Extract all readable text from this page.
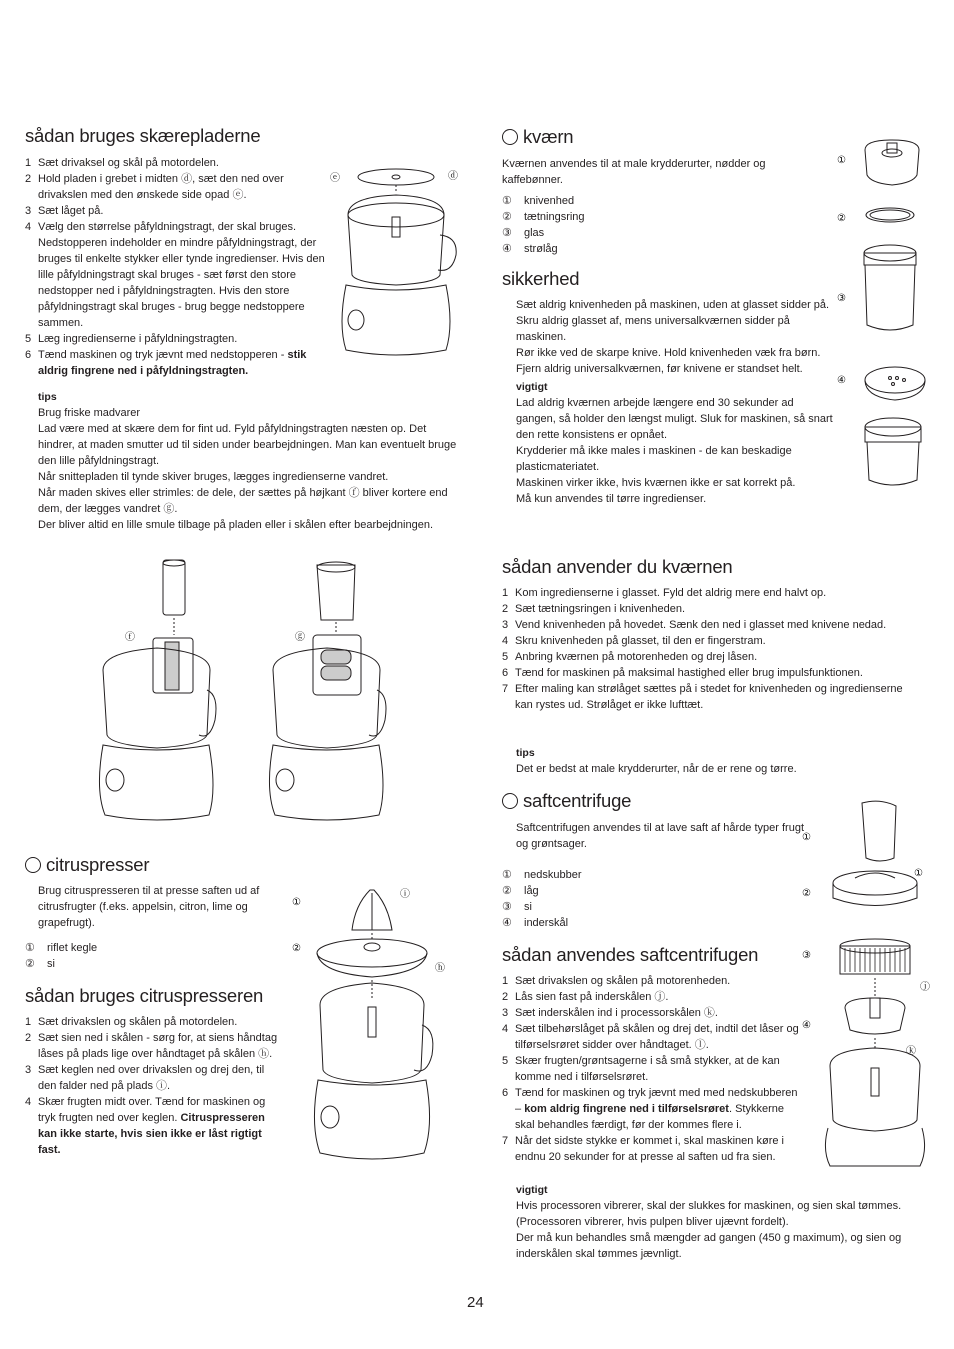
sådan bruges skærepladerne
1 Sæt drivaksel og skål på motordelen.
2 Hold pladen i grebet i midten ⓓ, sæt den ned over drivakslen med den ønskede side opad ⓔ.
3 Sæt låget på.
4 Vælg den størrelse påfyldningstragt, der skal bruges. Nedstopperen indeholder en mindre påfyldningstragt, der bruges til enkelte stykker eller tynde ingredienser. Hvis den lille påfyldningstragt skal bruges - sæt først den store nedstopper ned i påfyldningstragten. Hvis den store påfyldningstragt skal bruges - brug begge nedstoppere sammen.
5 Læg ingredienserne i påfyldningstragten.
6 Tænd maskinen og tryk jævnt med nedstopperen - stik aldrig fingrene ned i påfyldningstragten.

tips

Brug friske madvarer

Lad være med at skære dem for fint ud. Fyld påfyldningstragten næsten op. Det hindrer, at maden smutter ud til siden under bearbejdningen. Man kan eventuelt bruge den lille påfyldningstragt.

Når snittepladen til tynde skiver bruges, lægges ingredienserne vandret.

Når maden skives eller strimles: de dele, der sættes på højkant ⓕ bliver kortere end dem, der lægges vandret ⓖ.

Der bliver altid en lille smule tilbage på pladen eller i skålen efter bearbejdningen.

ⓔ	ⓓ
ⓕ	ⓖ
citruspresser

Brug citruspresseren til at presse saften ud af citrusfrugter (f.eks. appelsin, citron, lime og grapefrugt).

① riflet kegle
② si
sådan bruges citruspresseren
1 Sæt drivakslen og skålen på motordelen.
2 Sæt sien ned i skålen - sørg for, at siens håndtag låses på plads lige over håndtaget på skålen ⓗ.
3 Sæt keglen ned over drivakslen og drej den, til den falder ned på plads ⓘ.
4 Skær frugten midt over. Tænd for maskinen og tryk frugten ned over keglen. Citruspresseren kan ikke starte, hvis sien ikke er låst rigtigt fast.
①
ⓘ
②
ⓗ
kværn

Kværnen anvendes til at male krydderurter, nødder og kaffebønner.

① knivenhed
② tætningsring
③ glas
④ strølåg
sikkerhed

Sæt aldrig knivenheden på maskinen, uden at glasset sidder på.

Skru aldrig glasset af, mens universalkværnen sidder på maskinen.

Rør ikke ved de skarpe knive. Hold knivenheden væk fra børn.

Fjern aldrig universalkværnen, før knivene er standset helt.

vigtigt

Lad aldrig kværnen arbejde længere end 30 sekunder ad gangen, så holder den længst muligt. Sluk for maskinen, så snart den rette konsistens er opnået.

Krydderier må ikke males i maskinen - de kan beskadige plasticmateriatet.

Maskinen virker ikke, hvis kværnen ikke er sat korrekt på.

Må kun anvendes til tørre ingredienser.

①
②
③
④
sådan anvender du kværnen
1 Kom ingredienserne i glasset. Fyld det aldrig mere end halvt op.
2 Sæt tætningsringen i knivenheden.
3 Vend knivenheden på hovedet. Sænk den ned i glasset med knivene nedad.
4 Skru knivenheden på glasset, til den er fingerstram.
5 Anbring kværnen på motorenheden og drej låsen.
6 Tænd for maskinen på maksimal hastighed eller brug impulsfunktionen.
7 Efter maling kan strølåget sættes på i stedet for knivenheden og ingredienserne kan rystes ud. Strølåget er ikke lufttæt.

tips

Det er bedst at male krydderurter, når de er rene og tørre.

saftcentrifuge

Saftcentrifugen anvendes til at lave saft af hårde typer frugt og grøntsager.

① nedskubber
② låg
③ si
④ inderskål
sådan anvendes saftcentrifugen
1 Sæt drivakslen og skålen på motorenheden.
2 Lås sien fast på inderskålen ⓙ.
3 Sæt inderskålen ind i processorskålen ⓚ.
4 Sæt tilbehørslåget på skålen og drej det, indtil det låser og tilførselsrøret sidder over håndtaget. ⓛ.
5 Skær frugten/grøntsagerne i så små stykker, at de kan komme ned i tilførselsrøret.
6 Tænd for maskinen og tryk jævnt med med nedskubberen – kom aldrig fingrene ned i tilførselsrøret. Stykkerne skal behandles færdigt, før der kommes flere i.
7 Når det sidste stykke er kommet i, skal maskinen køre i endnu 20 sekunder for at presse al saften ud fra sien.

vigtigt

Hvis processoren vibrerer, skal der slukkes for maskinen, og sien skal tømmes. (Processoren vibrerer, hvis pulpen bliver ujævnt fordelt).

Der må kun behandles små mængder ad gangen (450 g maximum), og sien og inderskålen skal tømmes jævnligt.

①
②
①
③
ⓙ
④
ⓚ
24
